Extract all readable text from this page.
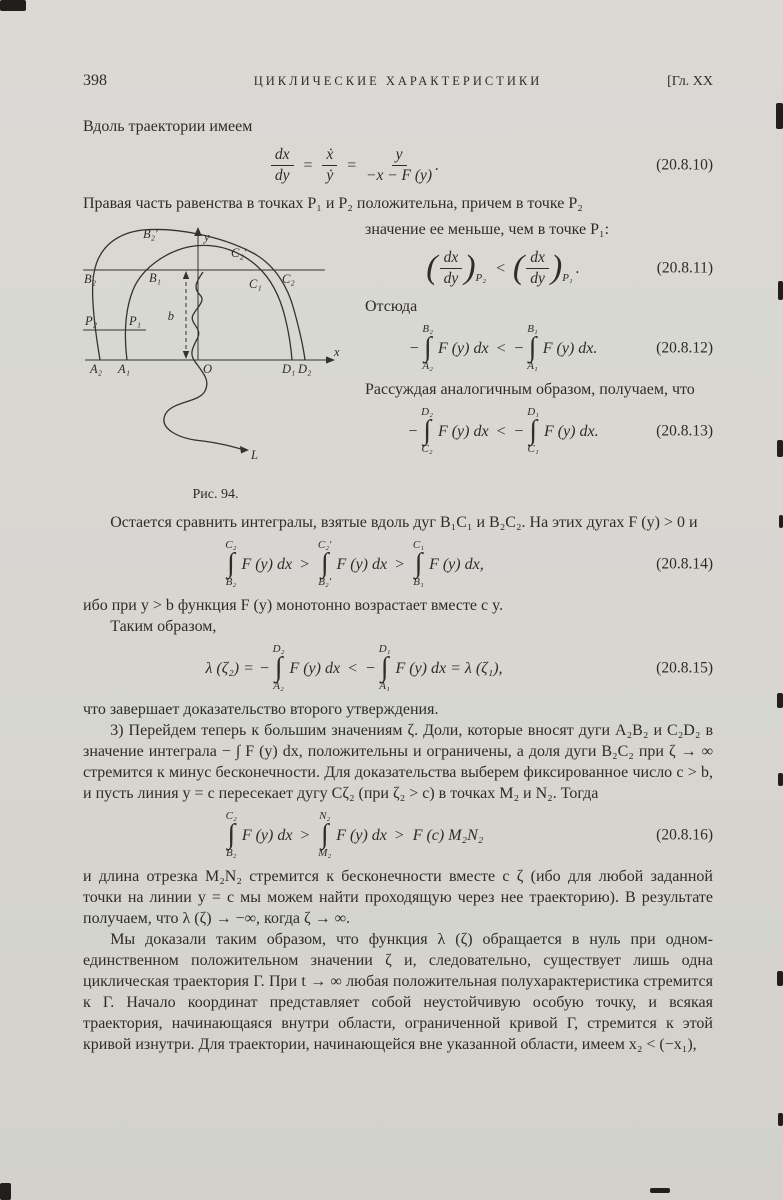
398	ЦИКЛИЧЕСКИЕ ХАРАКТЕРИСТИКИ	[Гл. XX

Вдоль траектории имеем

$\frac{dx}{dy} = \frac{\text{ẋ}}{\text{ẏ}} = \frac{y}{-x - F (y)}$ .	(20.8.10)

Правая часть равенства в точках P₁ и P₂ положительна, причем в точке P₂

y
x
B₂′
C₂′
B₂	B₁	C₁ C₂
P₂	P₁ b
A₂ A₁	O	D₁ D₂
L
Рис. 94.

значение ее меньше, чем в точке P₁:

( $\frac{dx}{dy}$ ) P₂
< ( $\frac{dx}{dy}$ ) P₁
.	(20.8.11)

Отсюда

−
B₂
∫
A₂
F (y) dx < −
B₁
∫
A₁
F (y) dx.	(20.8.12)

Рассуждая аналогичным образом, получаем, что

−
D₂
∫
C₂
F (y) dx < −
D₁
∫
C₁
F (y) dx.	(20.8.13)

Остается сравнить интегралы, взятые вдоль дуг B₁C₁ и B₂C₂. На этих дугах F (y) > 0 и

C₂
∫
B₂
F (y) dx >
C₂′
∫
B₂′
F (y) dx >
C₁
∫
B₁
F (y) dx,	(20.8.14)

ибо при y > b функция F (y) монотонно возрастает вместе с y.

Таким образом,

λ (ζ₂) = −
D₂
∫
A₂
F (y) dx < −
D₁
∫
A₁
F (y) dx = λ (ζ₁),	(20.8.15)

что завершает доказательство второго утверждения.

3) Перейдем теперь к большим значениям ζ. Доли, которые вносят дуги A₂B₂ и C₂D₂ в значение интеграла − ∫ F (y) dx, положительны и ограничены, а доля дуги B₂C₂ при ζ → ∞ стремится к минус бесконечности. Для доказательства выберем фиксированное число c > b, и пусть линия y = c пересекает дугу Cζ₂ (при ζ₂ > c) в точках M₂ и N₂. Тогда

C₂
∫
B₂
F (y) dx >
N₂
∫
M₂
F (y) dx > F (c) M₂N₂	(20.8.16)

и длина отрезка M₂N₂ стремится к бесконечности вместе с ζ (ибо для любой заданной точки на линии y = c мы можем найти проходящую через нее траекторию). В результате получаем, что λ (ζ) → −∞, когда ζ → ∞.

Мы доказали таким образом, что функция λ (ζ) обращается в нуль при одном-единственном положительном значении ζ и, следовательно, существует лишь одна циклическая траектория Γ. При t → ∞ любая положительная полухарактеристика стремится к Γ. Начало координат представляет собой неустойчивую особую точку, и всякая траектория, начинающаяся внутри области, ограниченной кривой Γ, стремится к этой кривой изнутри. Для траектории, начинающейся вне указанной области, имеем x₂ < (−x₁),
